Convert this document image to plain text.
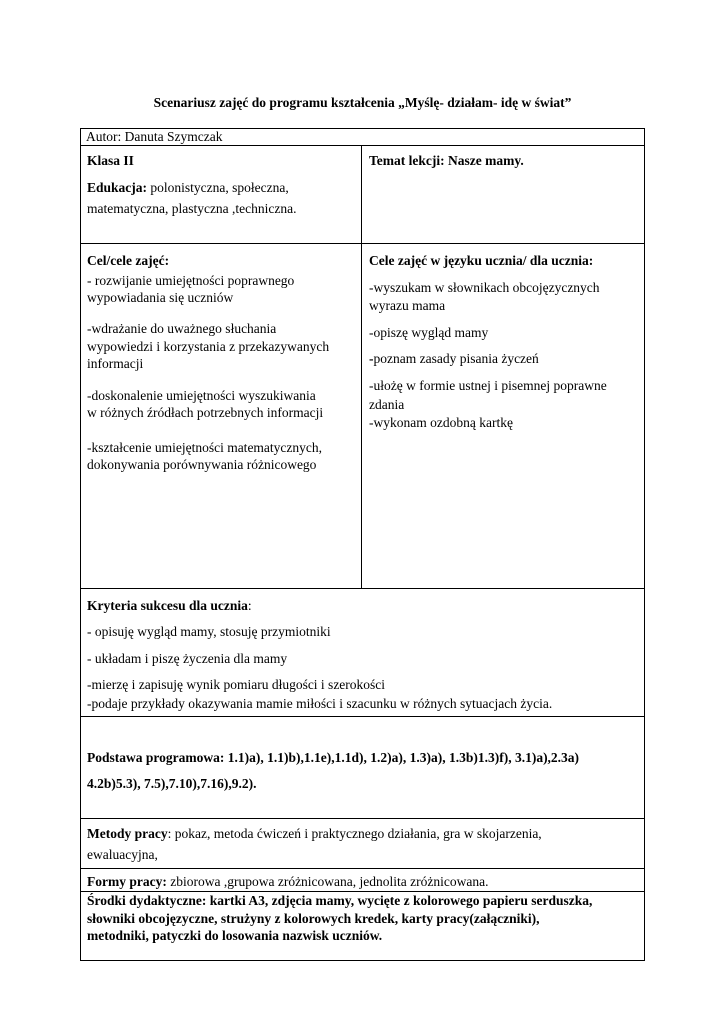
Scenariusz zajęć do programu kształcenia „Myślę- działam- idę w świat”
Autor: Danuta Szymczak
Klasa II
Edukacja: polonistyczna, społeczna,
matematyczna, plastyczna ,techniczna.
Temat lekcji: Nasze mamy.
Cel/cele zajęć:
- rozwijanie umiejętności poprawnego
wypowiadania się uczniów
-wdrażanie do uważnego słuchania
wypowiedzi i korzystania z przekazywanych
informacji
-doskonalenie umiejętności wyszukiwania
w różnych źródłach potrzebnych informacji
-kształcenie umiejętności matematycznych,
dokonywania porównywania różnicowego
Cele zajęć w języku ucznia/ dla ucznia:
-wyszukam w słownikach obcojęzycznych
wyrazu mama
-opiszę wygląd mamy
-poznam zasady pisania życzeń
-ułożę w formie ustnej i pisemnej poprawne
zdania
-wykonam ozdobną kartkę
Kryteria sukcesu dla ucznia:
- opisuję wygląd mamy, stosuję przymiotniki
- układam i piszę życzenia dla mamy
-mierzę i zapisuję wynik pomiaru długości i szerokości
-podaje przykłady okazywania mamie miłości i szacunku w różnych sytuacjach życia.
Podstawa programowa: 1.1)a), 1.1)b),1.1e),1.1d), 1.2)a), 1.3)a), 1.3b)1.3)f), 3.1)a),2.3a)
4.2b)5.3), 7.5),7.10),7.16),9.2).
Metody pracy: pokaz, metoda ćwiczeń i praktycznego działania, gra w skojarzenia,
ewaluacyjna,
Formy pracy: zbiorowa ,grupowa zróżnicowana, jednolita zróżnicowana.
Środki dydaktyczne: kartki A3, zdjęcia mamy, wycięte z kolorowego papieru serduszka,
słowniki obcojęzyczne, strużyny z kolorowych kredek, karty pracy(załączniki),
metodniki, patyczki do losowania nazwisk uczniów.
